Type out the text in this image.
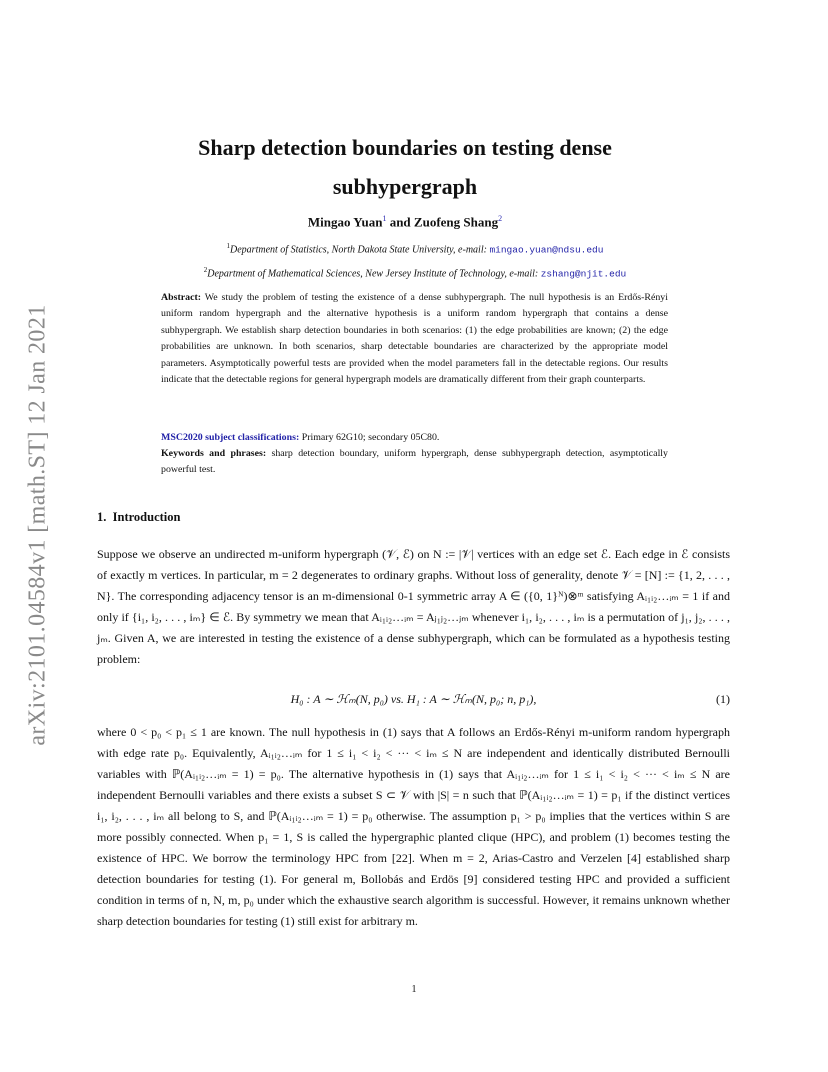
arXiv:2101.04584v1 [math.ST] 12 Jan 2021
Sharp detection boundaries on testing dense subhypergraph
Mingao Yuan$^1$ and Zuofeng Shang$^2$
$^1$Department of Statistics, North Dakota State University, e-mail: mingao.yuan@ndsu.edu
$^2$Department of Mathematical Sciences, New Jersey Institute of Technology, e-mail: zshang@njit.edu
Abstract: We study the problem of testing the existence of a dense subhypergraph. The null hypothesis is an Erdős-Rényi uniform random hypergraph and the alternative hypothesis is a uniform random hypergraph that contains a dense subhypergraph. We establish sharp detection boundaries in both scenarios: (1) the edge probabilities are known; (2) the edge probabilities are unknown. In both scenarios, sharp detectable boundaries are characterized by the appropriate model parameters. Asymptotically powerful tests are provided when the model parameters fall in the detectable regions. Our results indicate that the detectable regions for general hypergraph models are dramatically different from their graph counterparts.
MSC2020 subject classifications: Primary 62G10; secondary 05C80.
Keywords and phrases: sharp detection boundary, uniform hypergraph, dense subhypergraph detection, asymptotically powerful test.
1. Introduction

Suppose we observe an undirected m-uniform hypergraph (𝒱, ℰ) on N := |𝒱| vertices with an edge set ℰ. Each edge in ℰ consists of exactly m vertices. In particular, m = 2 degenerates to ordinary graphs. Without loss of generality, denote 𝒱 = [N] := {1, 2, . . . , N}. The corresponding adjacency tensor is an m-dimensional 0-1 symmetric array A ∈ ({0, 1}ᴺ)⊗ᵐ satisfying Aᵢ₁ᵢ₂…ᵢₘ = 1 if and only if {i₁, i₂, . . . , iₘ} ∈ ℰ. By symmetry we mean that Aᵢ₁ᵢ₂…ᵢₘ = Aⱼ₁ⱼ₂…ⱼₘ whenever i₁, i₂, . . . , iₘ is a permutation of j₁, j₂, . . . , jₘ. Given A, we are interested in testing the existence of a dense subhypergraph, which can be formulated as a hypothesis testing problem:

H₀ : A ∼ ℋₘ(N, p₀) vs. H₁ : A ∼ ℋₘ(N, p₀; n, p₁),	(1)

where 0 < p₀ < p₁ ≤ 1 are known. The null hypothesis in (1) says that A follows an Erdős-Rényi m-uniform random hypergraph with edge rate p₀. Equivalently, Aᵢ₁ᵢ₂…ᵢₘ for 1 ≤ i₁ < i₂ < ··· < iₘ ≤ N are independent and identically distributed Bernoulli variables with ℙ(Aᵢ₁ᵢ₂…ᵢₘ = 1) = p₀. The alternative hypothesis in (1) says that Aᵢ₁ᵢ₂…ᵢₘ for 1 ≤ i₁ < i₂ < ··· < iₘ ≤ N are independent Bernoulli variables and there exists a subset S ⊂ 𝒱 with |S| = n such that ℙ(Aᵢ₁ᵢ₂…ᵢₘ = 1) = p₁ if the distinct vertices i₁, i₂, . . . , iₘ all belong to S, and ℙ(Aᵢ₁ᵢ₂…ᵢₘ = 1) = p₀ otherwise. The assumption p₁ > p₀ implies that the vertices within S are more possibly connected. When p₁ = 1, S is called the hypergraphic planted clique (HPC), and problem (1) becomes testing the existence of HPC. We borrow the terminology HPC from [22]. When m = 2, Arias-Castro and Verzelen [4] established sharp detection boundaries for testing (1). For general m, Bollobás and Erdös [9] considered testing HPC and provided a sufficient condition in terms of n, N, m, p₀ under which the exhaustive search algorithm is successful. However, it remains unknown whether sharp detection boundaries for testing (1) still exist for arbitrary m.

1
